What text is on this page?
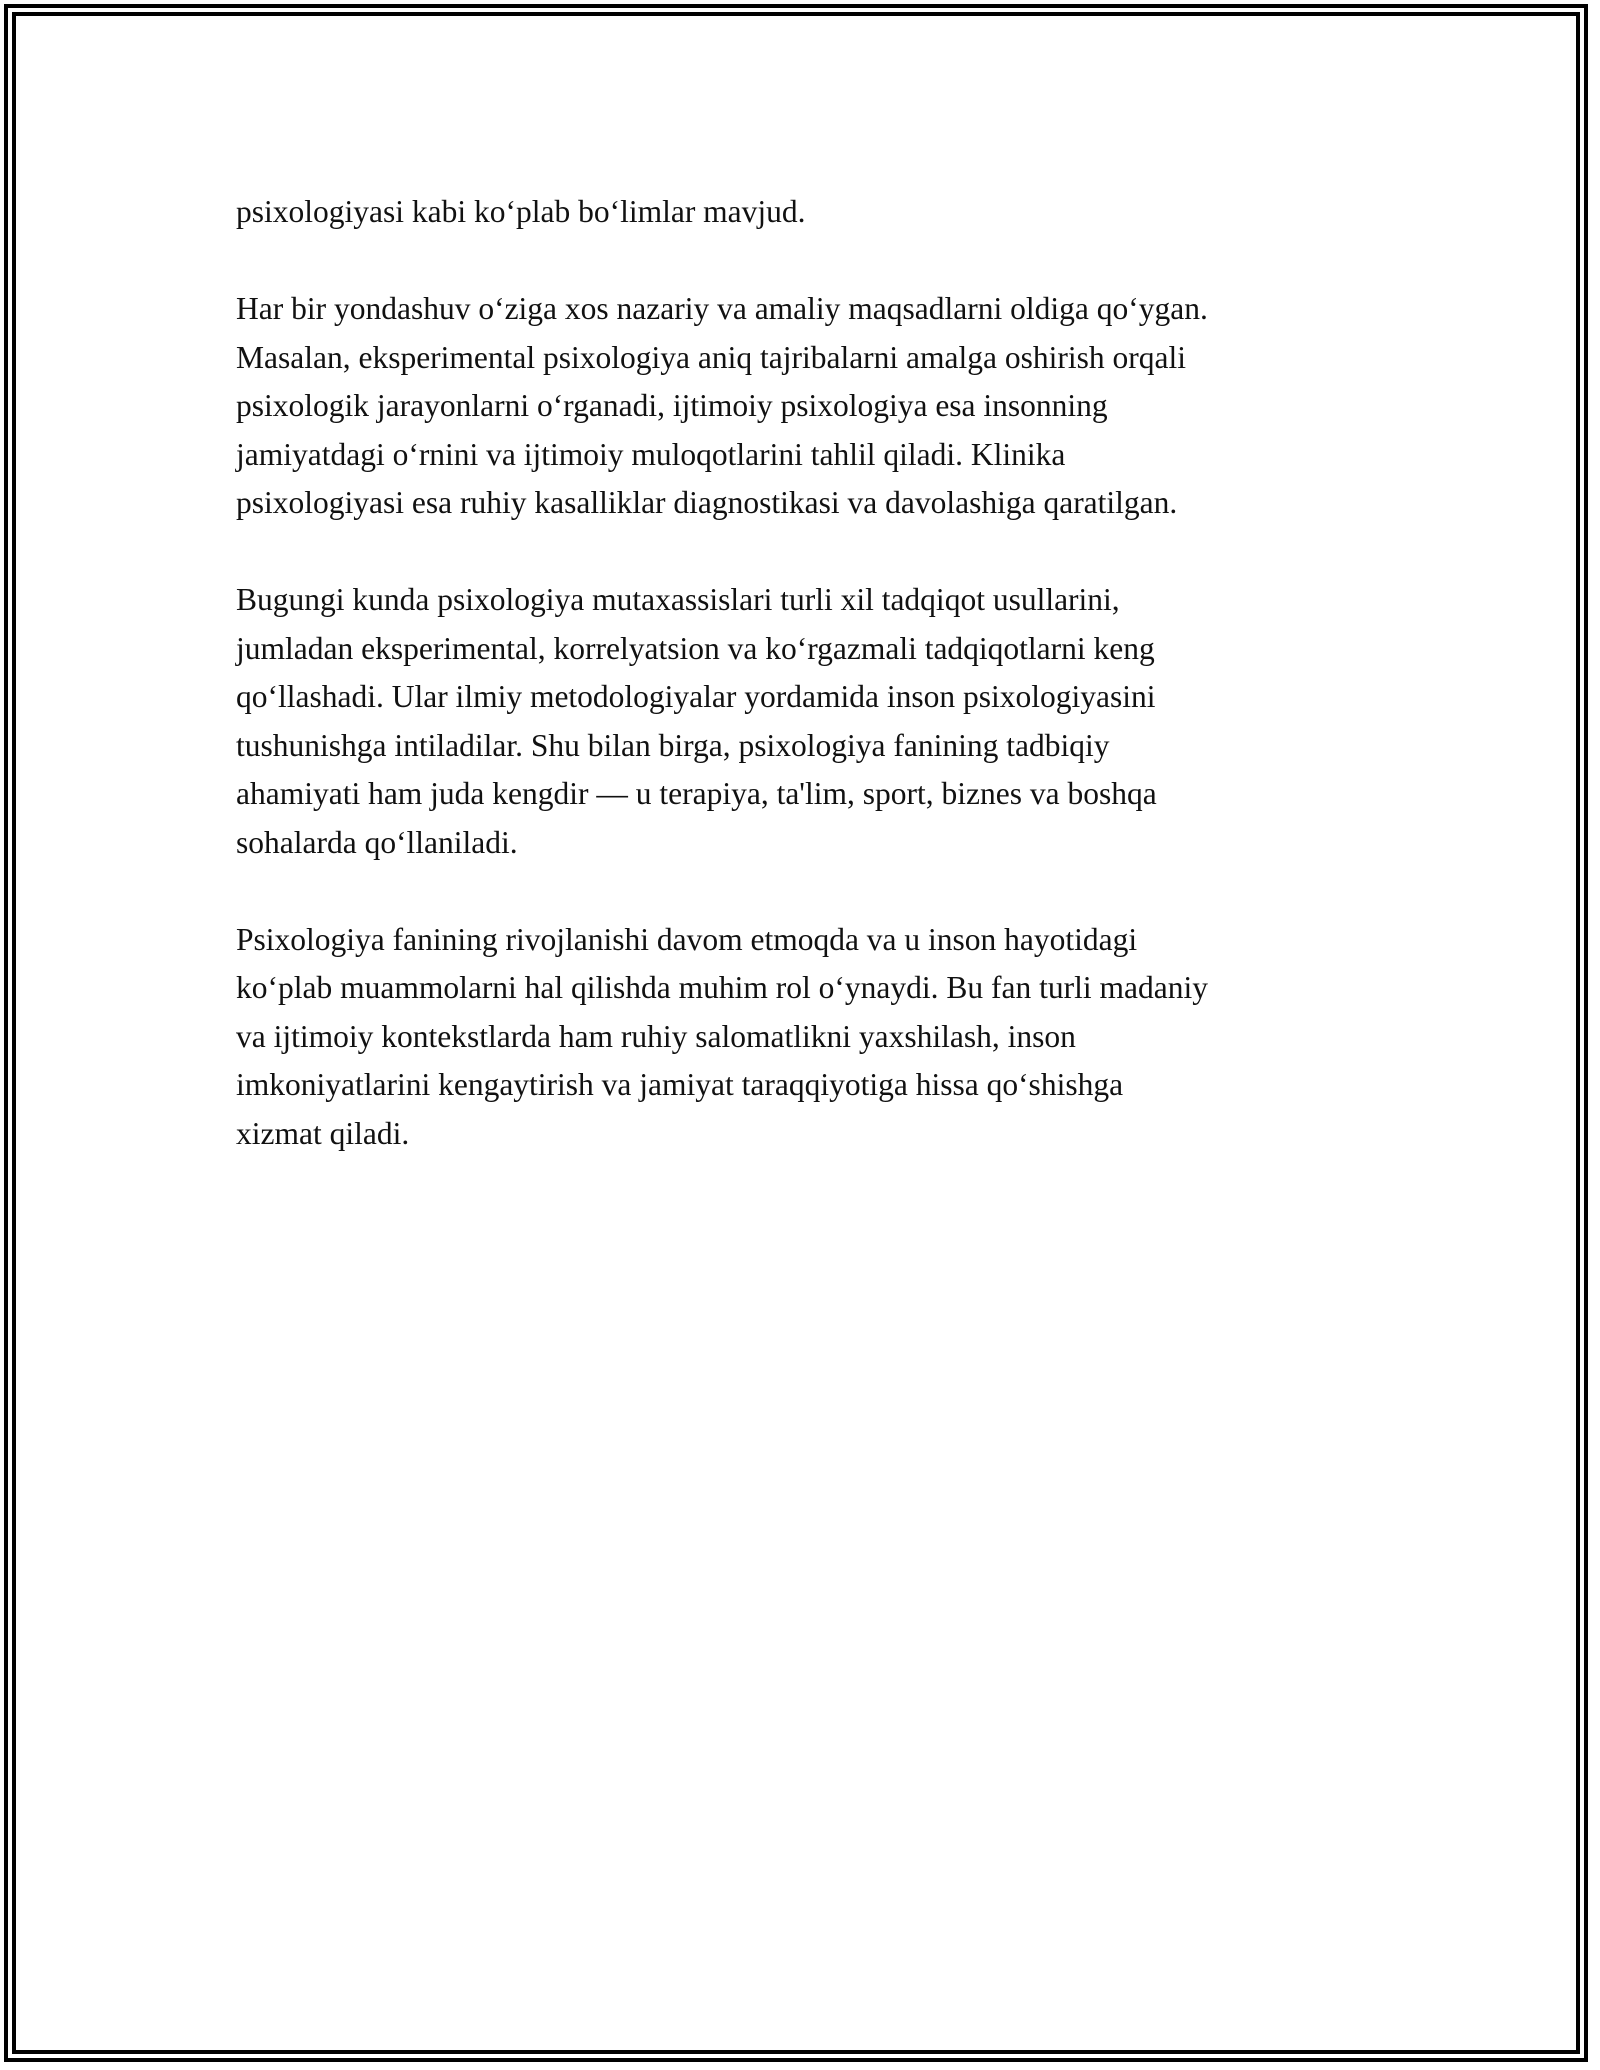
psixologiyasi kabi ko‘plab bo‘limlar mavjud.

Har bir yondashuv o‘ziga xos nazariy va amaliy maqsadlarni oldiga qo‘ygan.
Masalan, eksperimental psixologiya aniq tajribalarni amalga oshirish orqali
psixologik jarayonlarni o‘rganadi, ijtimoiy psixologiya esa insonning
jamiyatdagi o‘rnini va ijtimoiy muloqotlarini tahlil qiladi. Klinika
psixologiyasi esa ruhiy kasalliklar diagnostikasi va davolashiga qaratilgan.

Bugungi kunda psixologiya mutaxassislari turli xil tadqiqot usullarini,
jumladan eksperimental, korrelyatsion va ko‘rgazmali tadqiqotlarni keng
qo‘llashadi. Ular ilmiy metodologiyalar yordamida inson psixologiyasini
tushunishga intiladilar. Shu bilan birga, psixologiya fanining tadbiqiy
ahamiyati ham juda kengdir — u terapiya, ta'lim, sport, biznes va boshqa
sohalarda qo‘llaniladi.

Psixologiya fanining rivojlanishi davom etmoqda va u inson hayotidagi
ko‘plab muammolarni hal qilishda muhim rol o‘ynaydi. Bu fan turli madaniy
va ijtimoiy kontekstlarda ham ruhiy salomatlikni yaxshilash, inson
imkoniyatlarini kengaytirish va jamiyat taraqqiyotiga hissa qo‘shishga
xizmat qiladi.
